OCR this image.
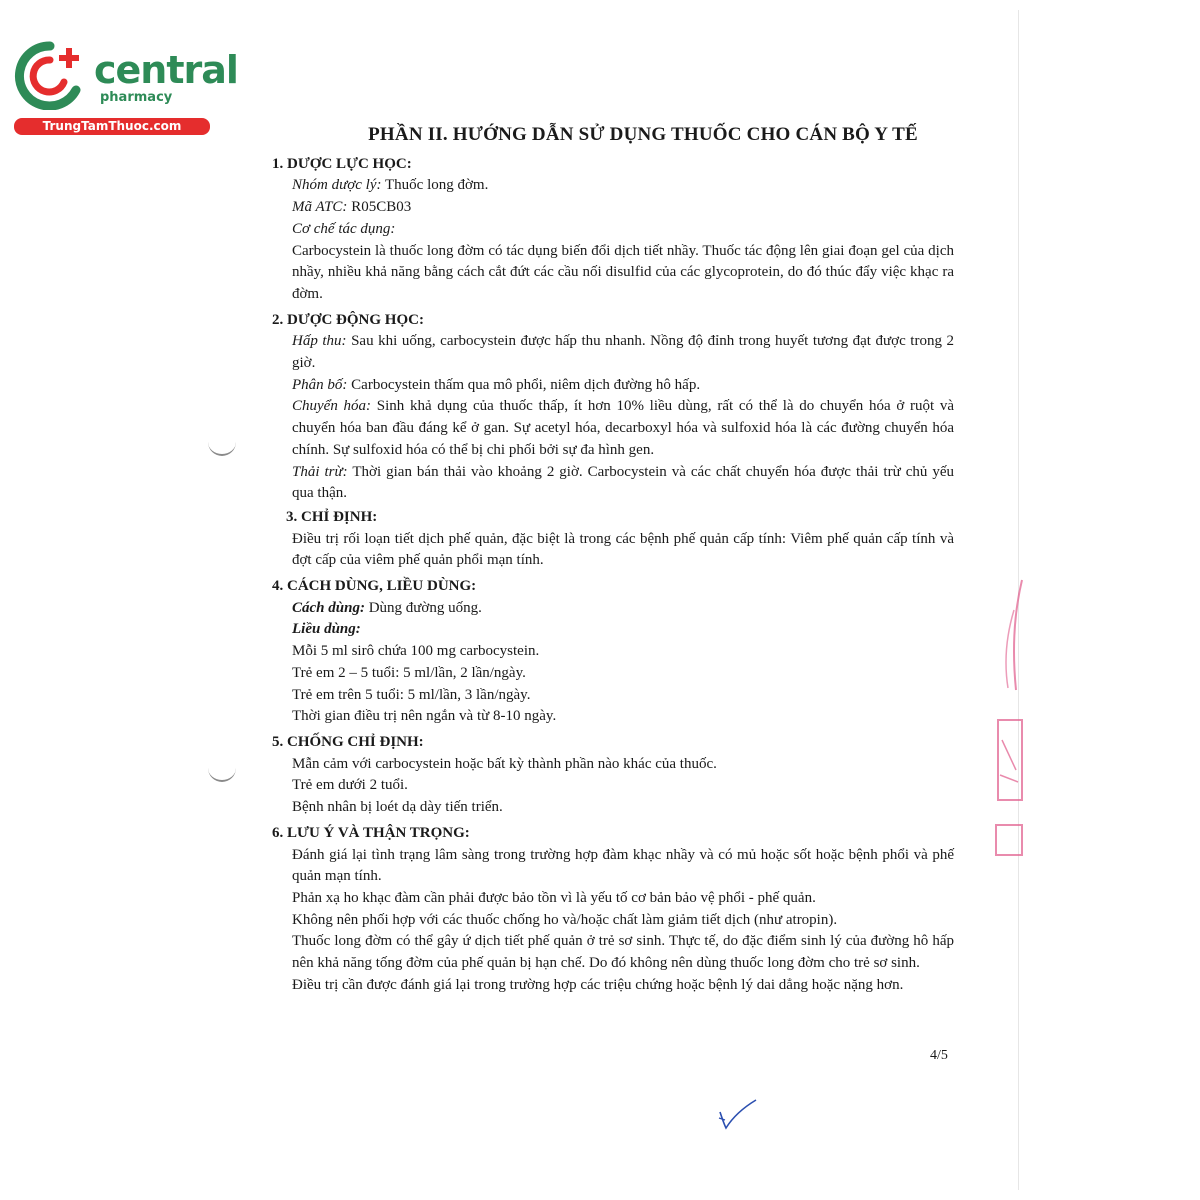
central
pharmacy
TrungTamThuoc.com	PHẦN II. HƯỚNG DẪN SỬ DỤNG THUỐC CHO CÁN BỘ Y TẾ
1. DƯỢC LỰC HỌC:

Nhóm dược lý: Thuốc long đờm.

Mã ATC: R05CB03

Cơ chế tác dụng:

Carbocystein là thuốc long đờm có tác dụng biến đổi dịch tiết nhầy. Thuốc tác động lên giai đoạn gel của dịch nhầy, nhiều khả năng bằng cách cắt đứt các cầu nối disulfid của các glycoprotein, do đó thúc đẩy việc khạc ra đờm.

2. DƯỢC ĐỘNG HỌC:

Hấp thu: Sau khi uống, carbocystein được hấp thu nhanh. Nồng độ đỉnh trong huyết tương đạt được trong 2 giờ.

Phân bố: Carbocystein thấm qua mô phổi, niêm dịch đường hô hấp.

Chuyển hóa: Sinh khả dụng của thuốc thấp, ít hơn 10% liều dùng, rất có thể là do chuyển hóa ở ruột và chuyển hóa ban đầu đáng kể ở gan. Sự acetyl hóa, decarboxyl hóa và sulfoxid hóa là các đường chuyển hóa chính. Sự sulfoxid hóa có thể bị chi phối bởi sự đa hình gen.

Thải trừ: Thời gian bán thải vào khoảng 2 giờ. Carbocystein và các chất chuyển hóa được thải trừ chủ yếu qua thận.

3. CHỈ ĐỊNH:

Điều trị rối loạn tiết dịch phế quản, đặc biệt là trong các bệnh phế quản cấp tính: Viêm phế quản cấp tính và đợt cấp của viêm phế quản phổi mạn tính.

4. CÁCH DÙNG, LIỀU DÙNG:

Cách dùng: Dùng đường uống.

Liều dùng:

Mỗi 5 ml sirô chứa 100 mg carbocystein.

Trẻ em 2 – 5 tuổi: 5 ml/lần, 2 lần/ngày.

Trẻ em trên 5 tuổi: 5 ml/lần, 3 lần/ngày.

Thời gian điều trị nên ngắn và từ 8-10 ngày.

5. CHỐNG CHỈ ĐỊNH:

Mẫn cảm với carbocystein hoặc bất kỳ thành phần nào khác của thuốc.

Trẻ em dưới 2 tuổi.

Bệnh nhân bị loét dạ dày tiến triển.

6. LƯU Ý VÀ THẬN TRỌNG:

Đánh giá lại tình trạng lâm sàng trong trường hợp đàm khạc nhầy và có mủ hoặc sốt hoặc bệnh phổi và phế quản mạn tính.

Phản xạ ho khạc đàm cần phải được bảo tồn vì là yếu tố cơ bản bảo vệ phổi - phế quản.

Không nên phối hợp với các thuốc chống ho và/hoặc chất làm giảm tiết dịch (như atropin).

Thuốc long đờm có thể gây ứ dịch tiết phế quản ở trẻ sơ sinh. Thực tế, do đặc điểm sinh lý của đường hô hấp nên khả năng tống đờm của phế quản bị hạn chế. Do đó không nên dùng thuốc long đờm cho trẻ sơ sinh.

Điều trị cần được đánh giá lại trong trường hợp các triệu chứng hoặc bệnh lý dai dẳng hoặc nặng hơn.

4/5
